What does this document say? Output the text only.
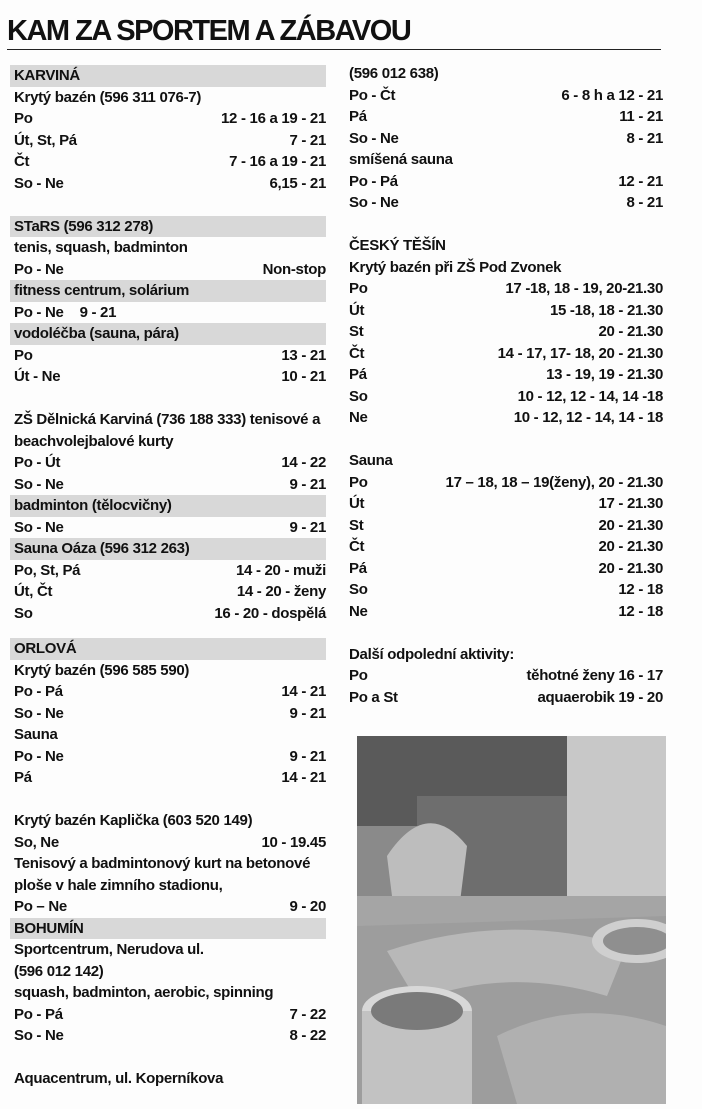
KAM ZA SPORTEM A ZÁBAVOU
KARVINÁ
Krytý bazén (596 311 076-7)
Po	12 - 16 a 19 - 21
Út, St, Pá	7 - 21
Čt	7 - 16 a 19 - 21
So - Ne	6,15 - 21
STaRS (596 312 278)
tenis, squash, badminton
Po - Ne	Non-stop
fitness centrum, solárium
Po - Ne 9 - 21
vodoléčba (sauna, pára)
Po	13 - 21
Út - Ne	10 - 21
ZŠ Dělnická Karviná (736 188 333) tenisové a beachvolejbalové kurty
Po - Út	14 - 22
So - Ne	9 - 21
badminton (tělocvičny)
So - Ne	9 - 21
Sauna Oáza (596 312 263)
Po, St, Pá	14 - 20 - muži
Út, Čt	14 - 20 - ženy
So	16 - 20 - dospělá
ORLOVÁ
Krytý bazén (596 585 590)
Po - Pá	14 - 21
So - Ne	9 - 21
Sauna
Po - Ne	9 - 21
Pá	14 - 21
Krytý bazén Kaplička (603 520 149)
So, Ne	10 - 19.45
Tenisový a badmintonový kurt na betonové ploše v hale zimního stadionu,
Po – Ne	9 - 20
BOHUMÍN
Sportcentrum, Nerudova ul.
(596 012 142)
squash, badminton, aerobic, spinning
Po - Pá	7 - 22
So - Ne	8 - 22
Aquacentrum, ul. Koperníkova
(596 012 638)
Po - Čt	6 - 8 h a 12 - 21
Pá	11 - 21
So - Ne	8 - 21
smíšená sauna
Po - Pá	12 - 21
So - Ne	8 - 21
ČESKÝ TĚŠÍN
Krytý bazén při ZŠ Pod Zvonek
Po	17 -18, 18 - 19, 20-21.30
Út	15 -18, 18 - 21.30
St	20 - 21.30
Čt	14 - 17, 17- 18, 20 - 21.30
Pá	13 - 19, 19 - 21.30
So	10 - 12, 12 - 14, 14 -18
Ne	10 - 12, 12 - 14, 14 - 18
Sauna
Po	17 – 18, 18 – 19(ženy), 20 - 21.30
Út	17 - 21.30
St	20 - 21.30
Čt	20 - 21.30
Pá	20 - 21.30
So	12 - 18
Ne	12 - 18
Další odpolední aktivity:
Po	těhotné ženy 16 - 17
Po a St	aquaerobik 19 - 20
